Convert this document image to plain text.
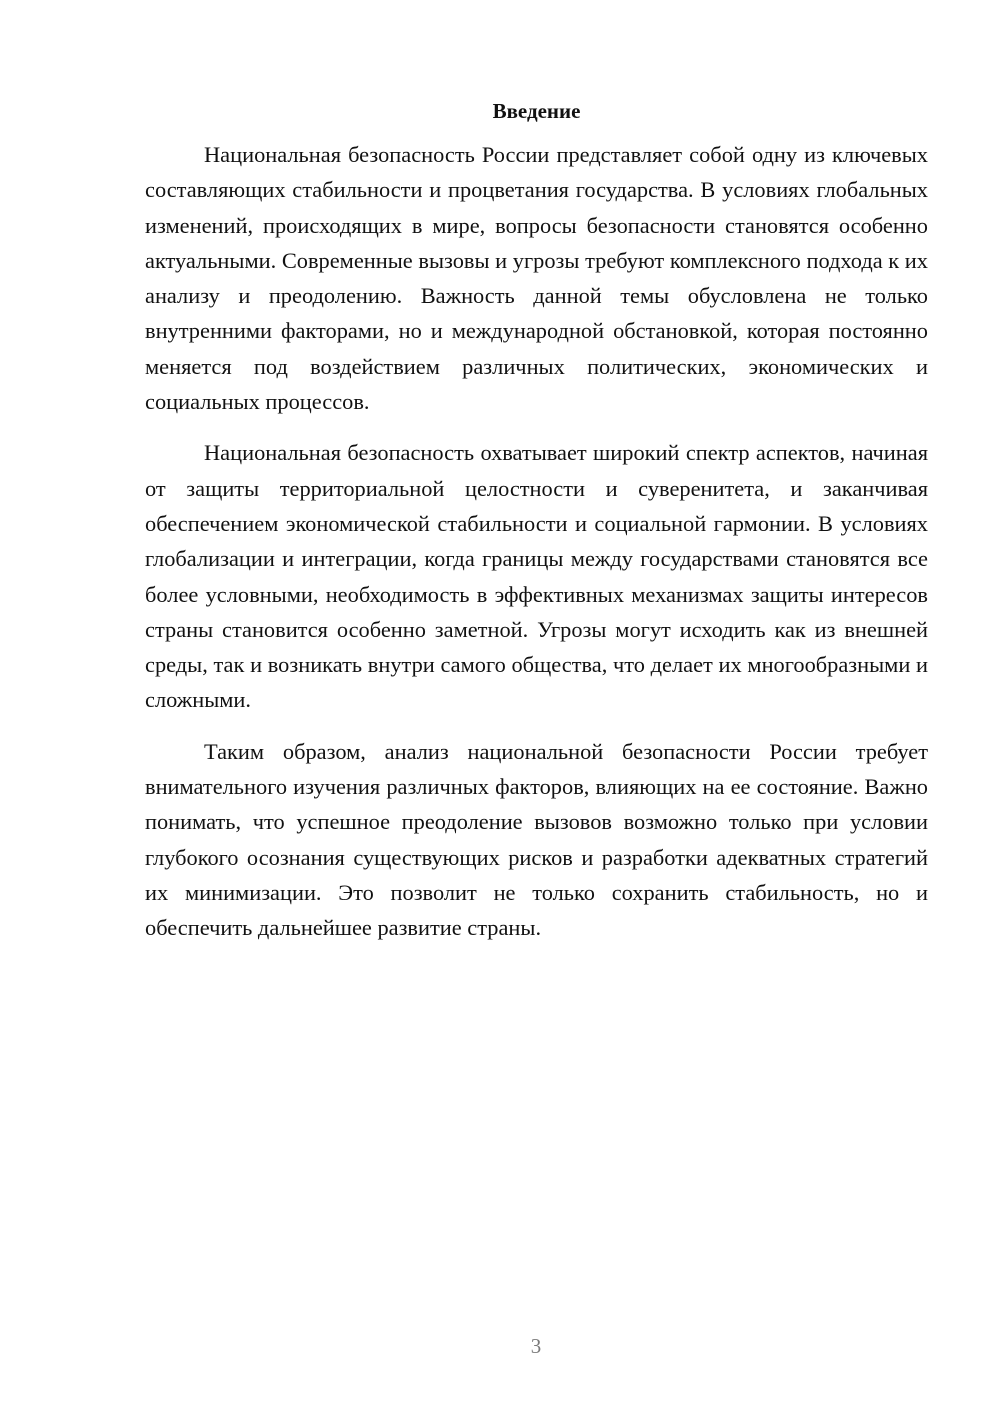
Введение

Национальная безопасность России представляет собой одну из ключевых составляющих стабильности и процветания государства. В условиях глобальных изменений, происходящих в мире, вопросы безопасности становятся особенно актуальными. Современные вызовы и угрозы требуют комплексного подхода к их анализу и преодолению. Важность данной темы обусловлена не только внутренними факторами, но и международной обстановкой, которая постоянно меняется под воздействием различных политических, экономических и социальных процессов.

Национальная безопасность охватывает широкий спектр аспектов, начиная от защиты территориальной целостности и суверенитета, и заканчивая обеспечением экономической стабильности и социальной гармонии. В условиях глобализации и интеграции, когда границы между государствами становятся все более условными, необходимость в эффективных механизмах защиты интересов страны становится особенно заметной. Угрозы могут исходить как из внешней среды, так и возникать внутри самого общества, что делает их многообразными и сложными.

Таким образом, анализ национальной безопасности России требует внимательного изучения различных факторов, влияющих на ее состояние. Важно понимать, что успешное преодоление вызовов возможно только при условии глубокого осознания существующих рисков и разработки адекватных стратегий их минимизации. Это позволит не только сохранить стабильность, но и обеспечить дальнейшее развитие страны.

3
